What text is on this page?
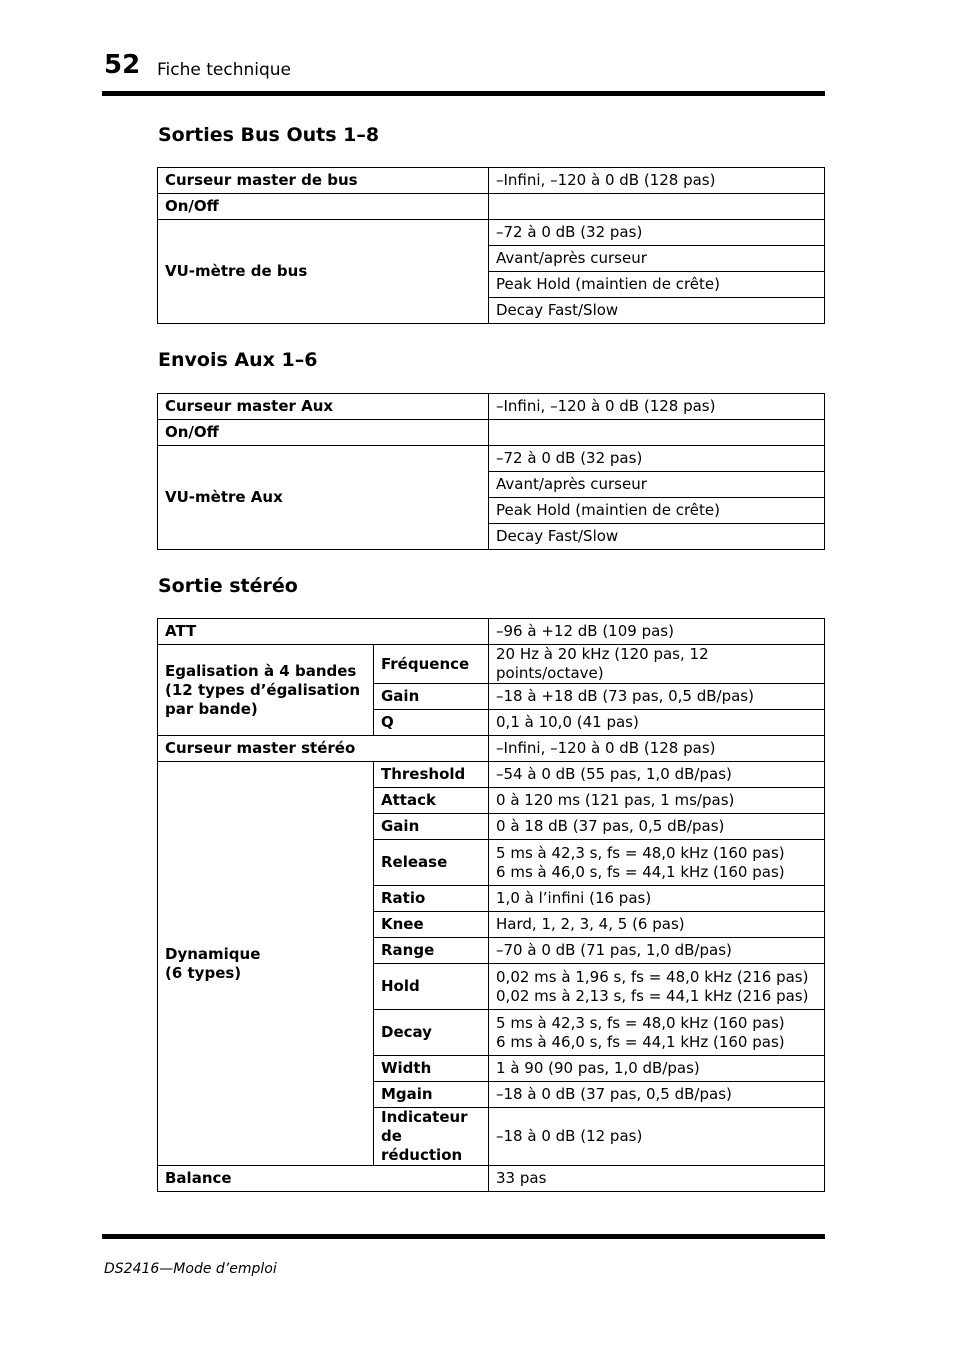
52 Fiche technique
Sorties Bus Outs 1–8
Curseur master de bus	–Infini, –120 à 0 dB (128 pas)
On/Off	
VU-mètre de bus	–72 à 0 dB (32 pas)
	Avant/après curseur
	Peak Hold (maintien de crête)
	Decay Fast/Slow
Envois Aux 1–6
Curseur master Aux	–Infini, –120 à 0 dB (128 pas)
On/Off	
VU-mètre Aux	–72 à 0 dB (32 pas)
	Avant/après curseur
	Peak Hold (maintien de crête)
	Decay Fast/Slow
Sortie stéréo
ATT		–96 à +12 dB (109 pas)

Egalisation à 4 bandes
(12 types d’égalisation
par bande)	Fréquence	20 Hz à 20 kHz (120 pas, 12 points/octave)
	Gain	–18 à +18 dB (73 pas, 0,5 dB/pas)
	Q	0,1 à 10,0 (41 pas)
Curseur master stéréo		–Infini, –120 à 0 dB (128 pas)

Dynamique
(6 types)	Threshold	–54 à 0 dB (55 pas, 1,0 dB/pas)
	Attack	0 à 120 ms (121 pas, 1 ms/pas)
	Gain	0 à 18 dB (37 pas, 0,5 dB/pas)
	Release	5 ms à 42,3 s, fs = 48,0 kHz (160 pas)
6 ms à 46,0 s, fs = 44,1 kHz (160 pas)

	Ratio	1,0 à l’infini (16 pas)
	Knee	Hard, 1, 2, 3, 4, 5 (6 pas)
	Range	–70 à 0 dB (71 pas, 1,0 dB/pas)
	Hold	0,02 ms à 1,96 s, fs = 48,0 kHz (216 pas)
0,02 ms à 2,13 s, fs = 44,1 kHz (216 pas)

	Decay	5 ms à 42,3 s, fs = 48,0 kHz (160 pas)
6 ms à 46,0 s, fs = 44,1 kHz (160 pas)

	Width	1 à 90 (90 pas, 1,0 dB/pas)
	Mgain	–18 à 0 dB (37 pas, 0,5 dB/pas)

	Indicateur
de réduction	–18 à 0 dB (12 pas)
Balance		33 pas
DS2416—Mode d’emploi
